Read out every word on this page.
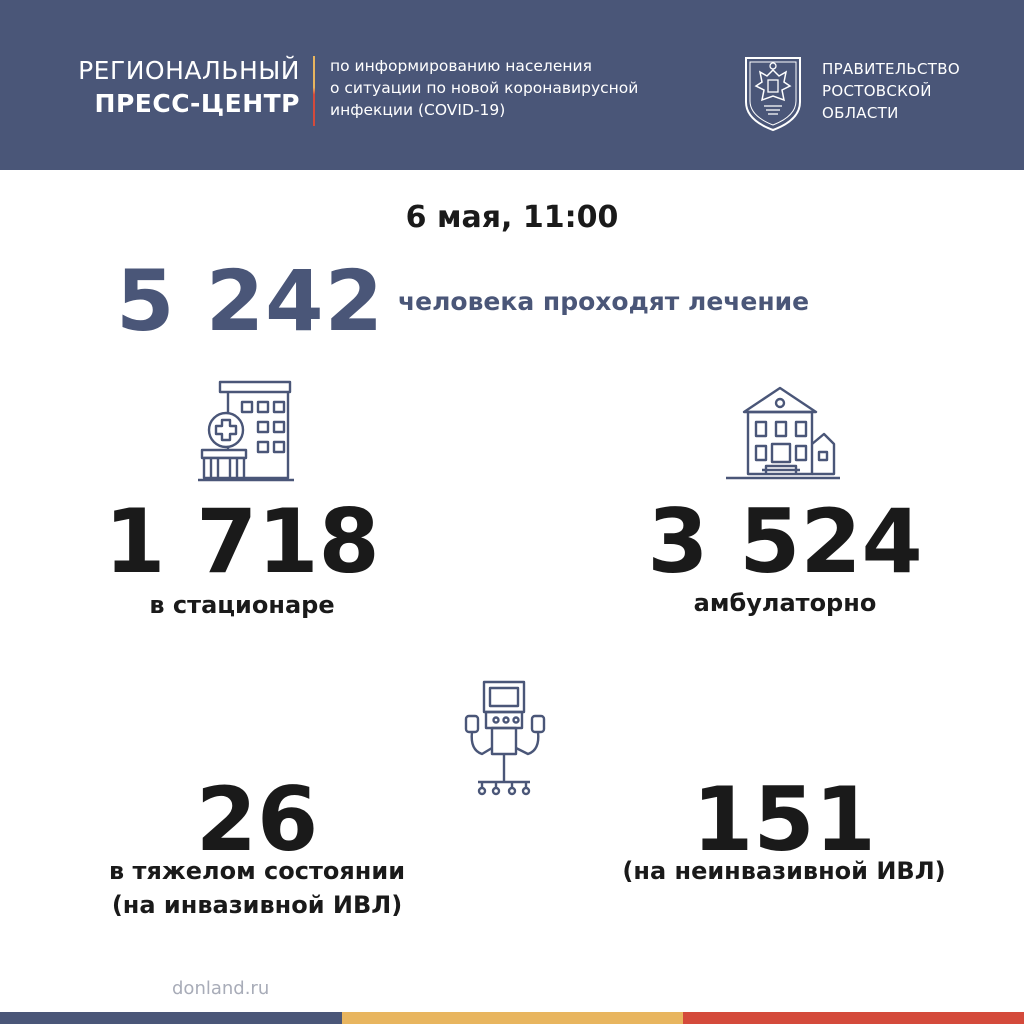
РЕГИОНАЛЬНЫЙ
ПРЕСС-ЦЕНТР
по информированию населения
о ситуации по новой коронавирусной
инфекции (COVID-19)
ПРАВИТЕЛЬСТВО
РОСТОВСКОЙ
ОБЛАСТИ
6 мая, 11:00
5 242 человека проходят лечение
1 718
в стационаре
3 524
амбулаторно
26
в тяжелом состоянии
(на инвазивной ИВЛ)
151
(на неинвазивной ИВЛ)
donland.ru
